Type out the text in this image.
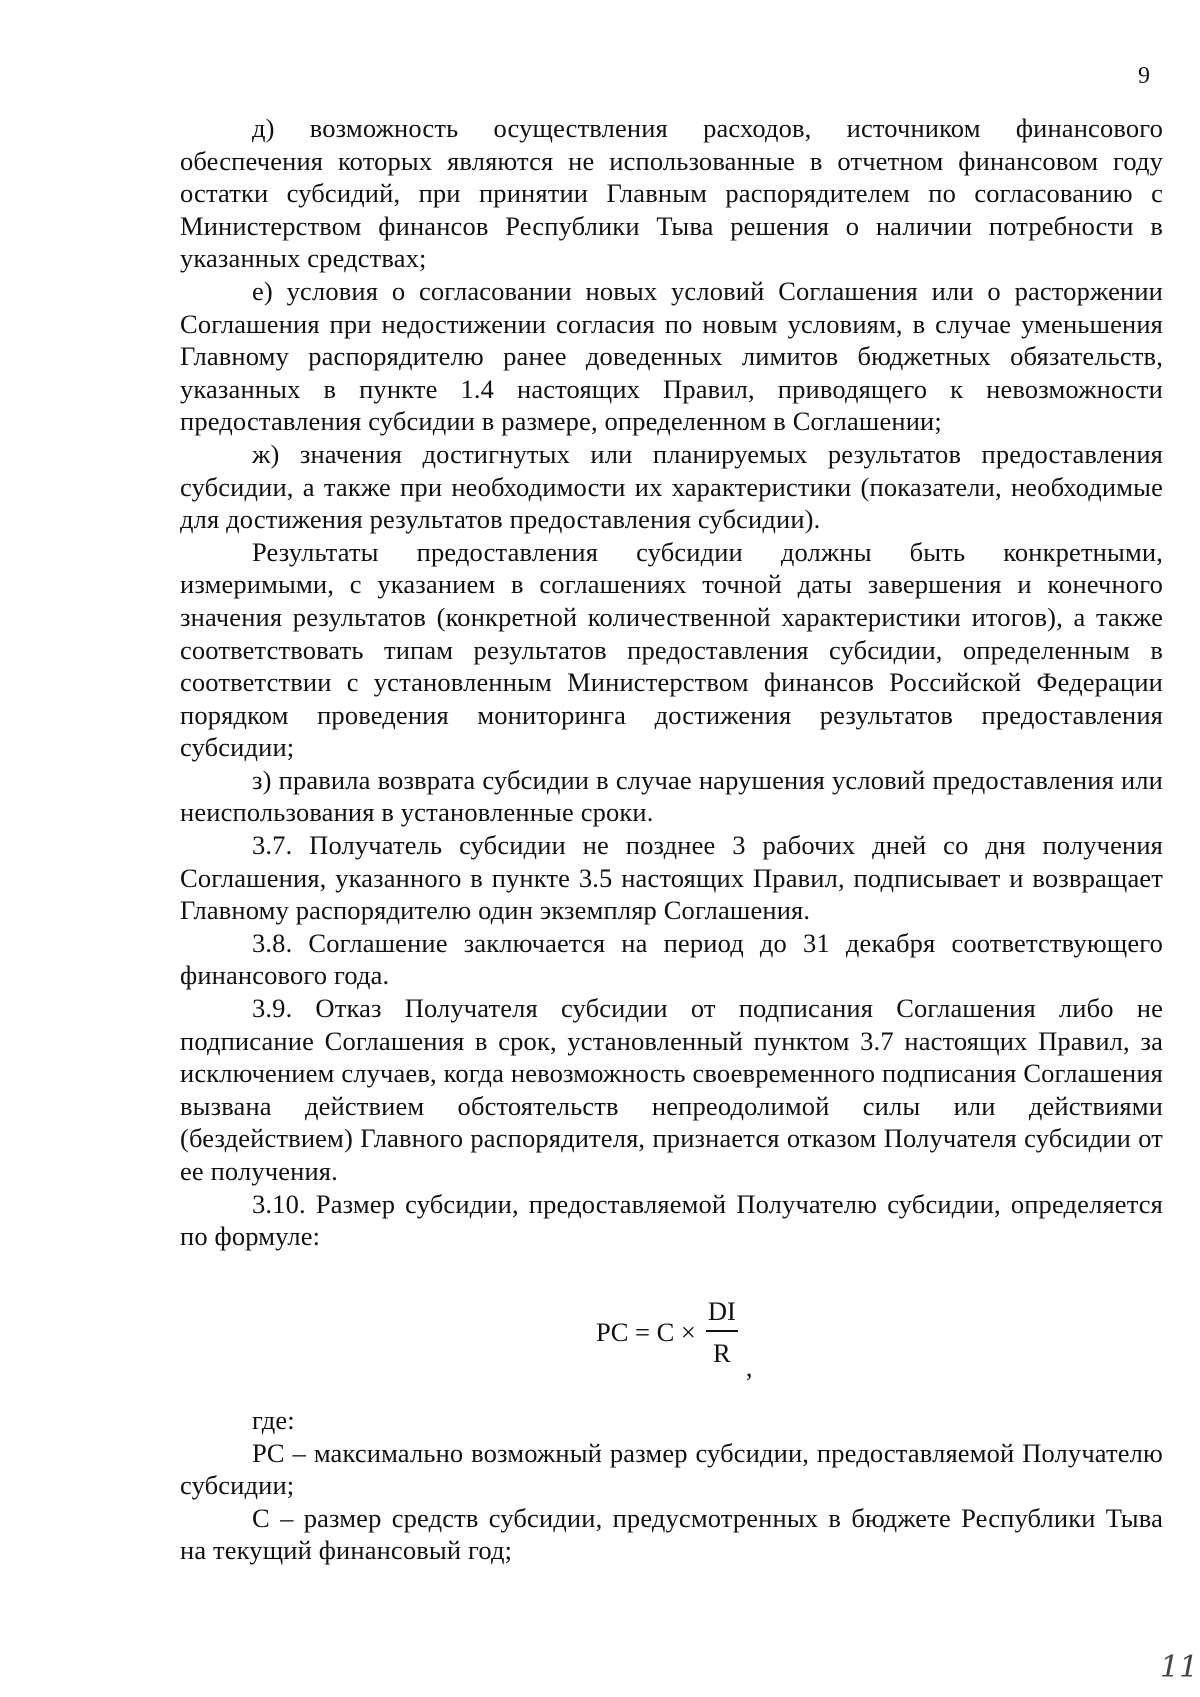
9

д) возможность осуществления расходов, источником финансового обеспечения которых являются не использованные в отчетном финансовом году остатки субсидий, при принятии Главным распорядителем по согласованию с Министерством финансов Республики Тыва решения о наличии потребности в указанных средствах;

е) условия о согласовании новых условий Соглашения или о расторжении Соглашения при недостижении согласия по новым условиям, в случае уменьшения Главному распорядителю ранее доведенных лимитов бюджетных обязательств, указанных в пункте 1.4 настоящих Правил, приводящего к невозможности предоставления субсидии в размере, определенном в Соглашении;

ж) значения достигнутых или планируемых результатов предоставления субсидии, а также при необходимости их характеристики (показатели, необходимые для достижения результатов предоставления субсидии).

Результаты предоставления субсидии должны быть конкретными, измеримыми, с указанием в соглашениях точной даты завершения и конечного значения результатов (конкретной количественной характеристики итогов), а также соответствовать типам результатов предоставления субсидии, определенным в соответствии с установленным Министерством финансов Российской Федерации порядком проведения мониторинга достижения результатов предоставления субсидии;

з) правила возврата субсидии в случае нарушения условий предоставления или неиспользования в установленные сроки.

3.7. Получатель субсидии не позднее 3 рабочих дней со дня получения Соглашения, указанного в пункте 3.5 настоящих Правил, подписывает и возвращает Главному распорядителю один экземпляр Соглашения.

3.8. Соглашение заключается на период до 31 декабря соответствующего финансового года.

3.9. Отказ Получателя субсидии от подписания Соглашения либо не подписание Соглашения в срок, установленный пунктом 3.7 настоящих Правил, за исключением случаев, когда невозможность своевременного подписания Соглашения вызвана действием обстоятельств непреодолимой силы или действиями (бездействием) Главного распорядителя, признается отказом Получателя субсидии от ее получения.

3.10. Размер субсидии, предоставляемой Получателю субсидии, определяется по формуле:

PC = $C \times \frac{DI}{R}$ ,

где:

PC – максимально возможный размер субсидии, предоставляемой Получателю субсидии;

C – размер средств субсидии, предусмотренных в бюджете Республики Тыва на текущий финансовый год;

11
